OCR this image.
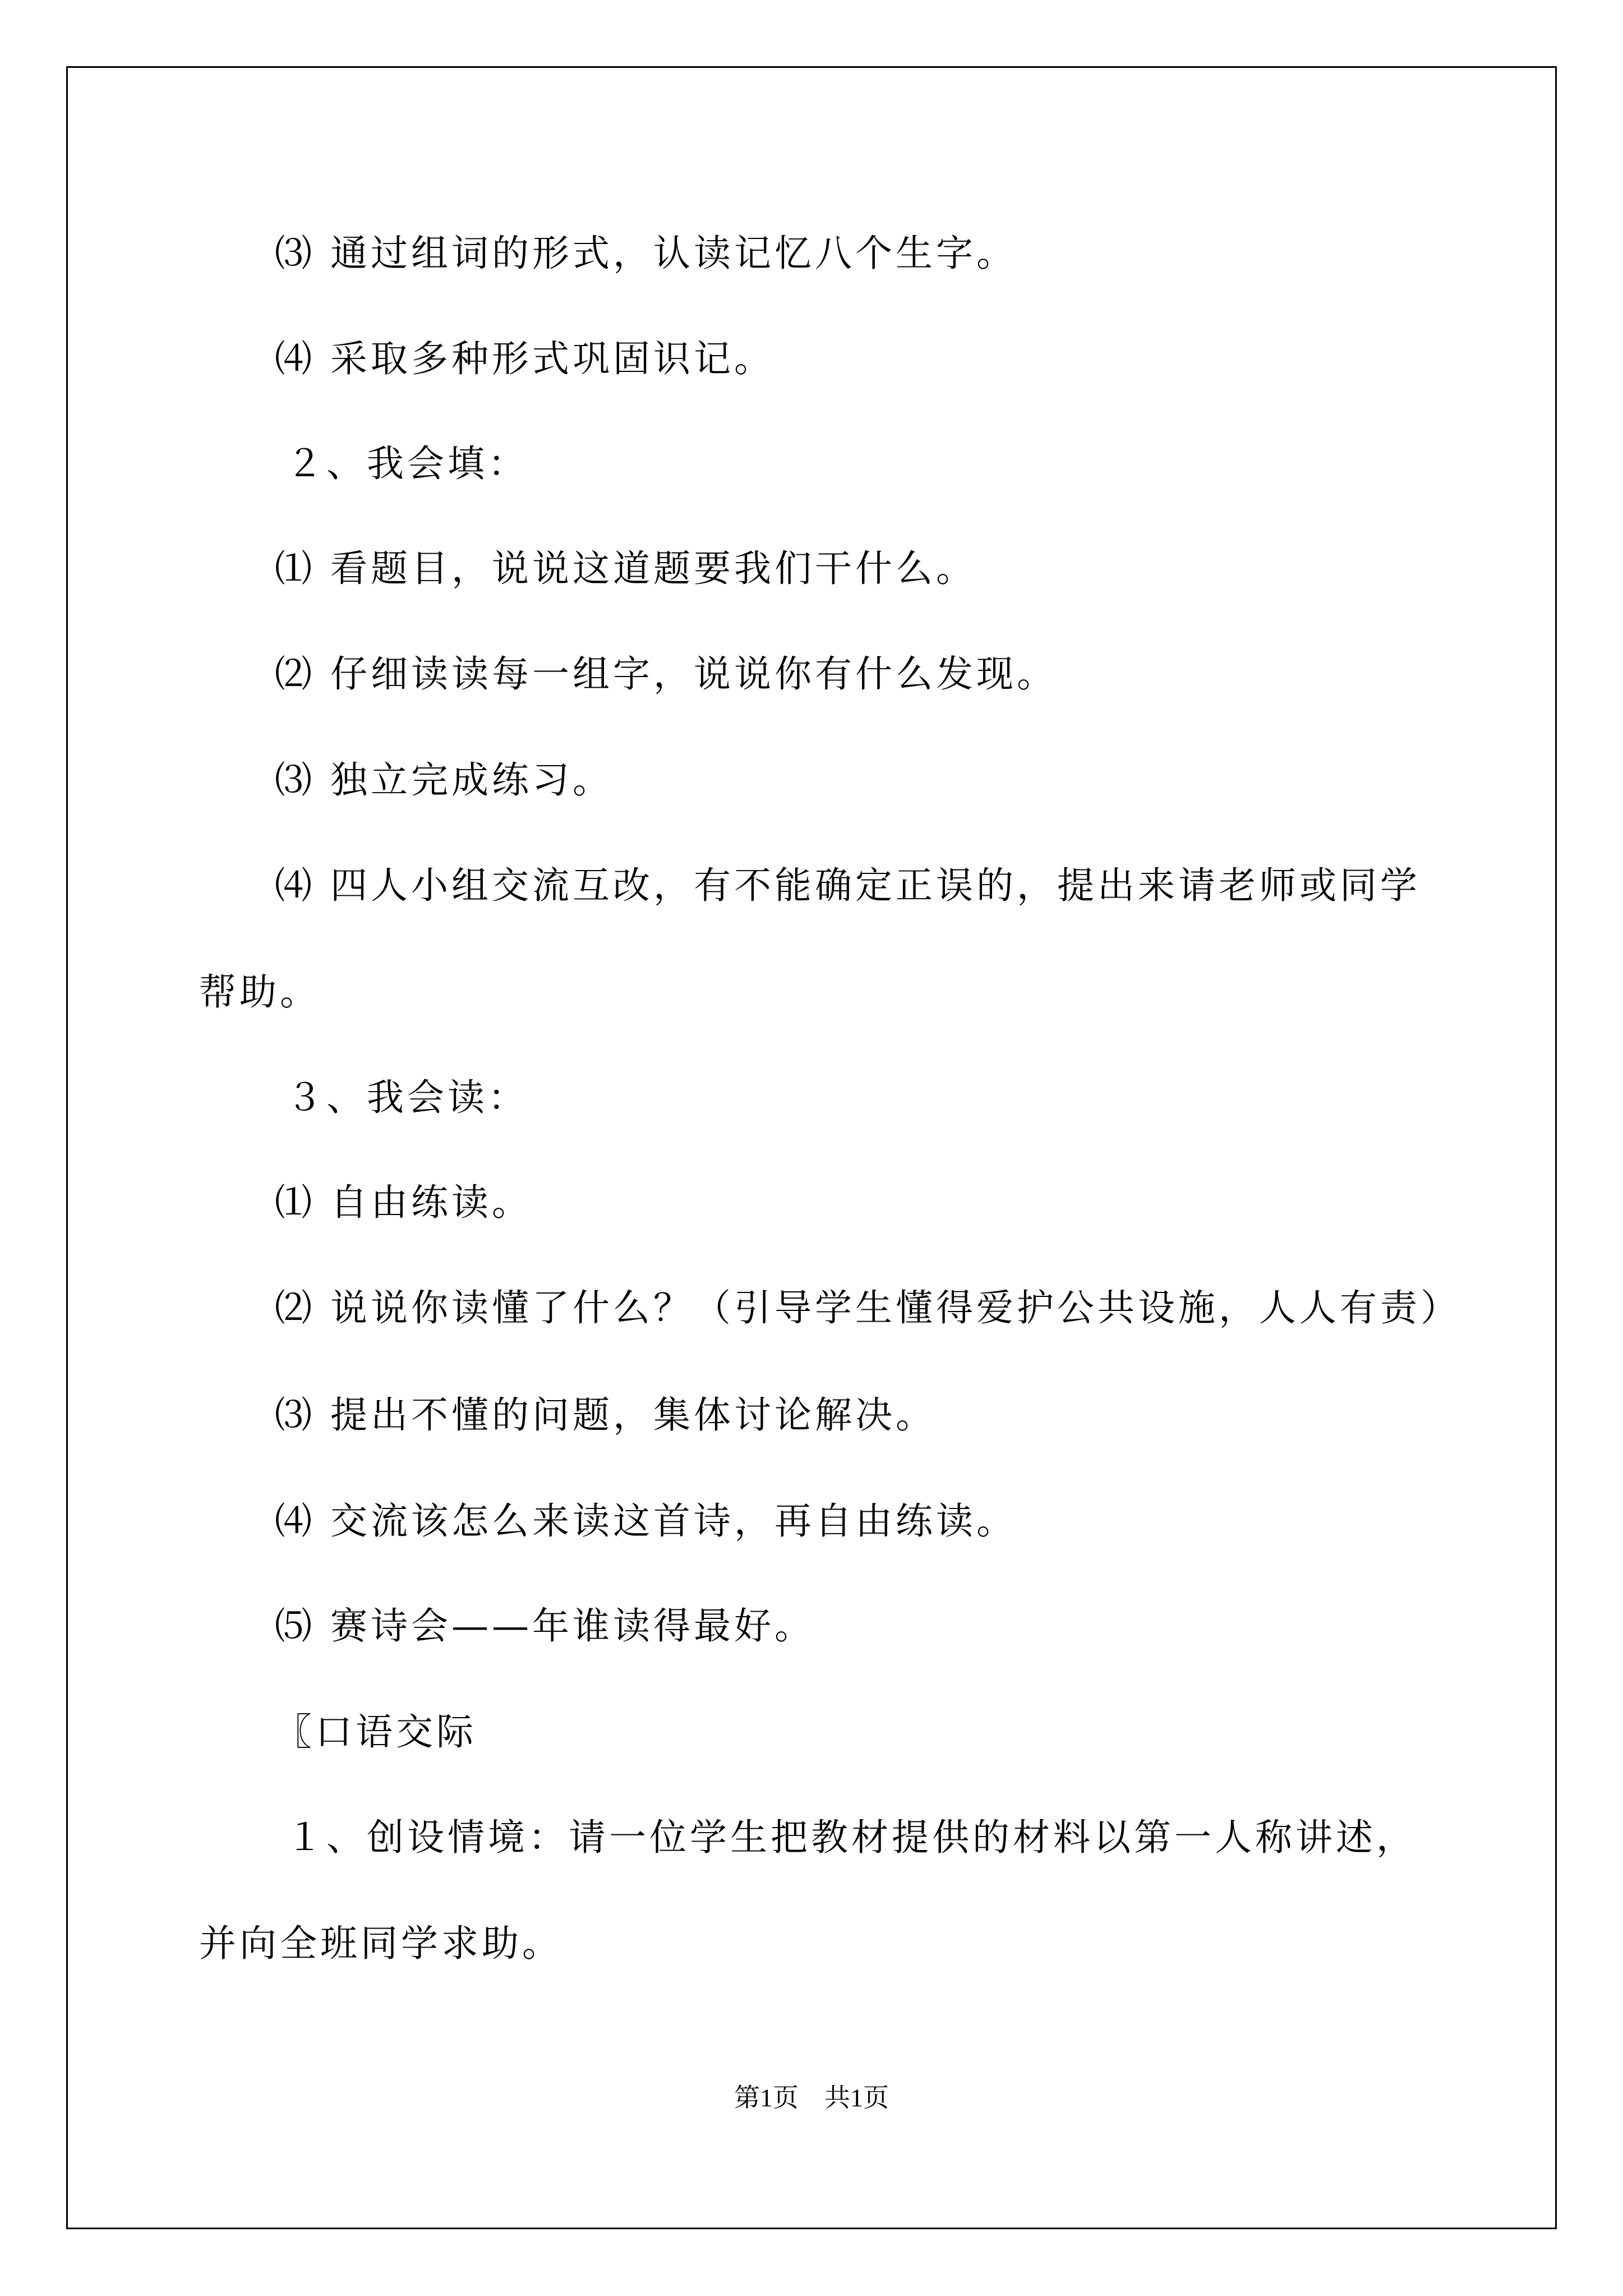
⑶ 通过组词的形式，认读记忆八个生字。
⑷ 采取多种形式巩固识记。
２、我会填：
⑴ 看题目，说说这道题要我们干什么。
⑵ 仔细读读每一组字，说说你有什么发现。
⑶ 独立完成练习。
⑷ 四人小组交流互改，有不能确定正误的，提出来请老师或同学
帮助。
３、我会读：
⑴ 自由练读。
⑵ 说说你读懂了什么？（引导学生懂得爱护公共设施，人人有责）
⑶ 提出不懂的问题，集体讨论解决。
⑷ 交流该怎么来读这首诗，再自由练读。
⑸ 赛诗会——年谁读得最好。
〖口语交际
１、创设情境：请一位学生把教材提供的材料以第一人称讲述，
并向全班同学求助。
第1页　共1页
